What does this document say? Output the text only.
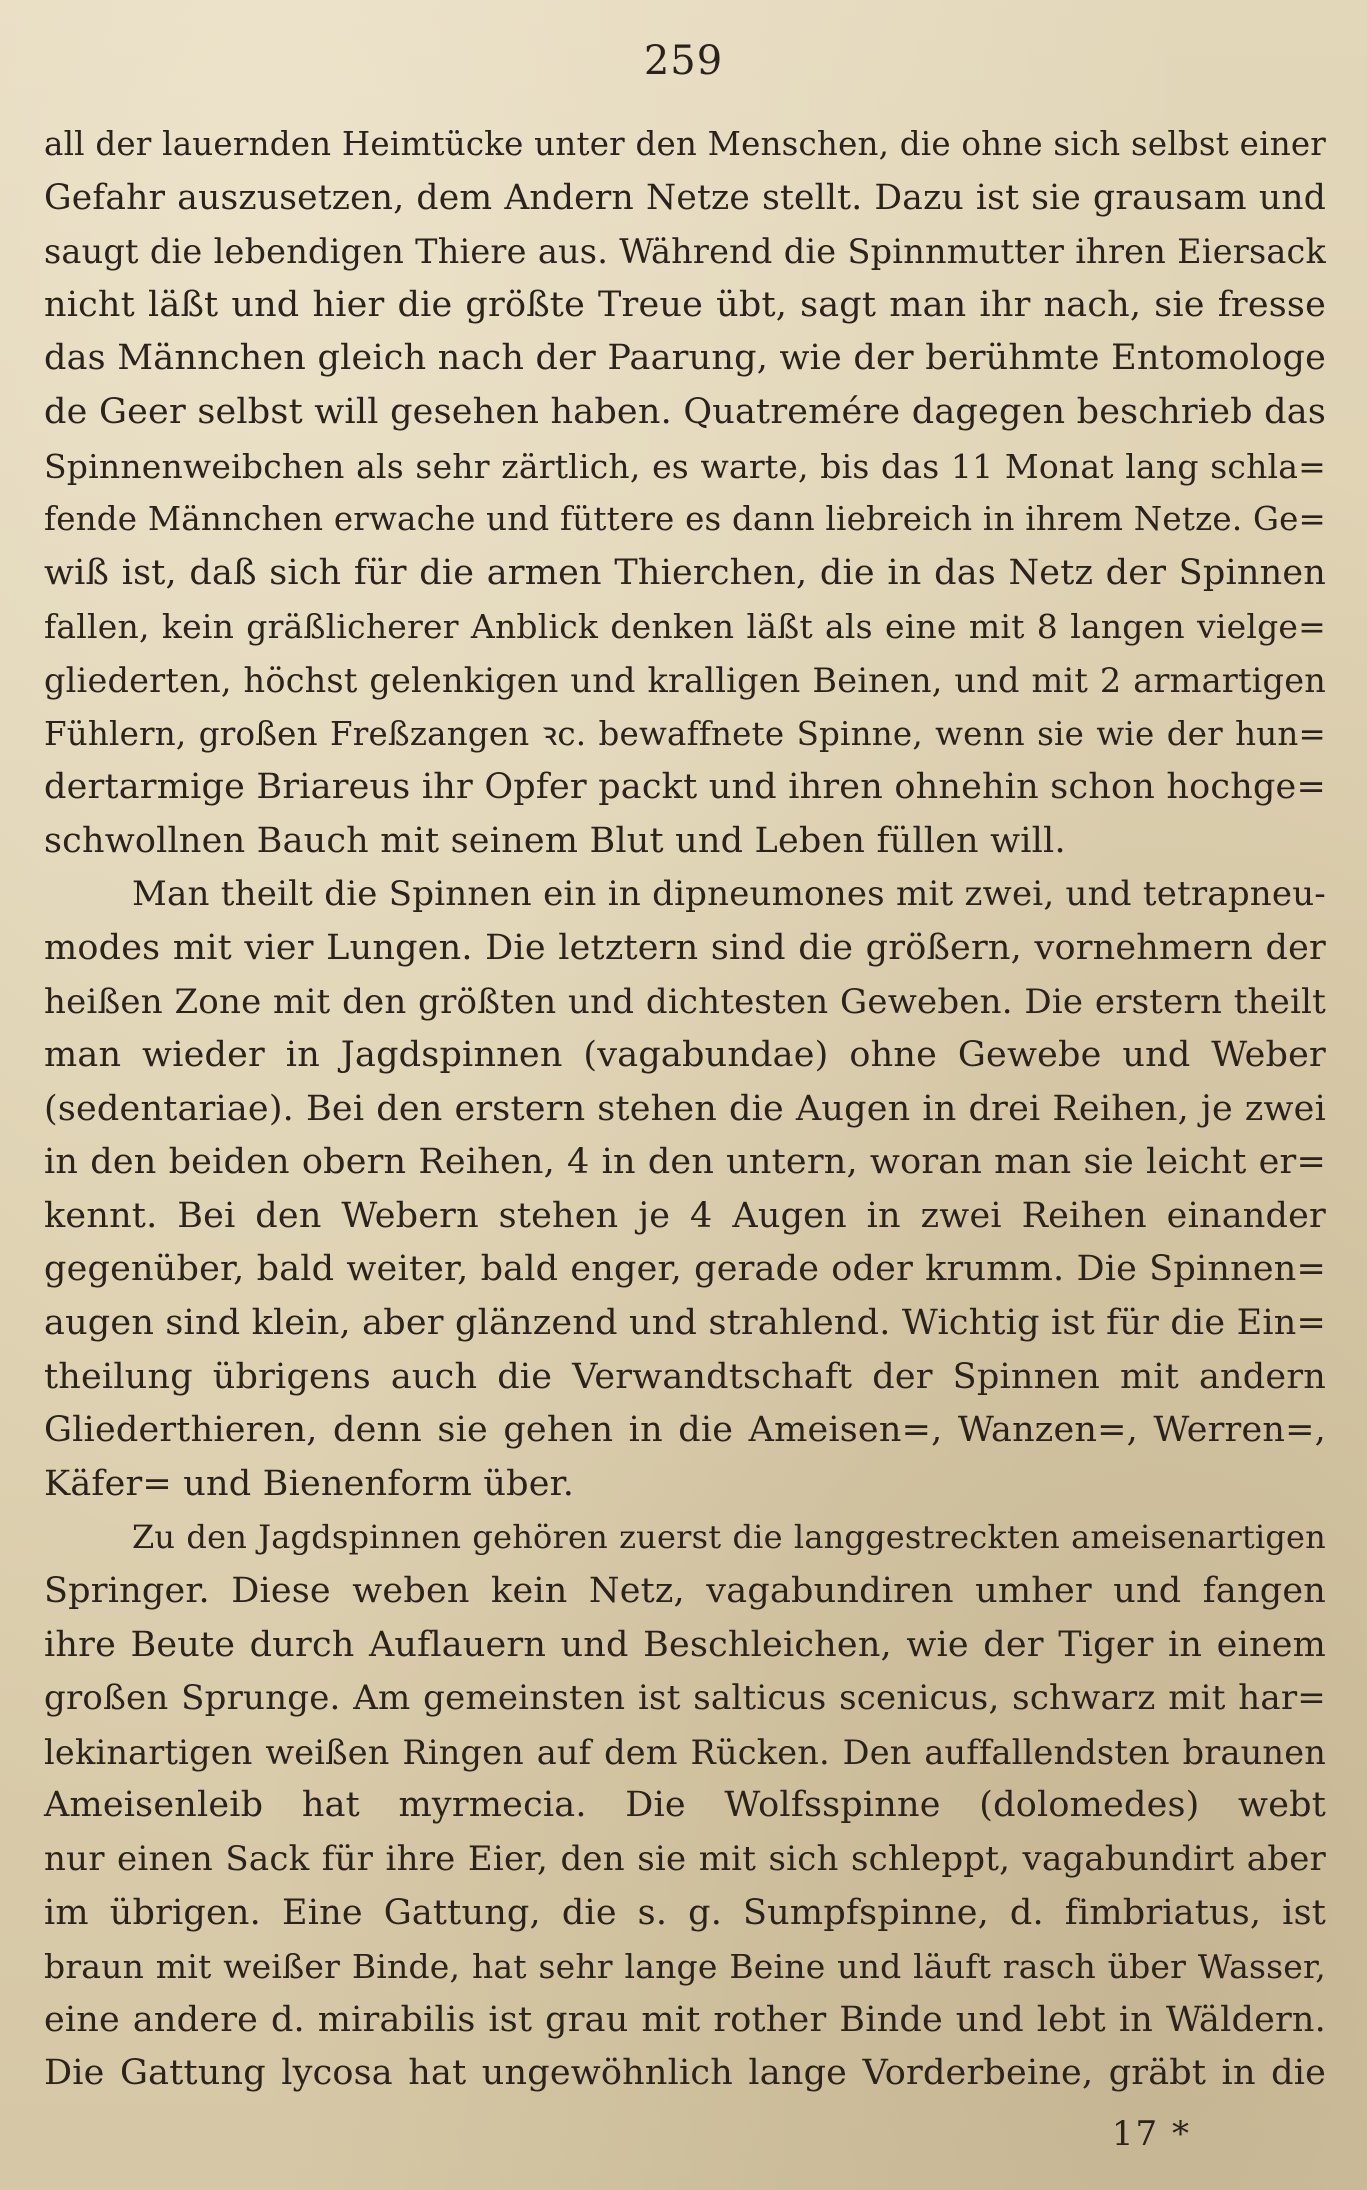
259
all der lauernden Heimtücke unter den Menschen, die ohne sich selbst einer
Gefahr auszusetzen, dem Andern Netze stellt. Dazu ist sie grausam und
saugt die lebendigen Thiere aus. Während die Spinnmutter ihren Eiersack
nicht läßt und hier die größte Treue übt, sagt man ihr nach, sie fresse
das Männchen gleich nach der Paarung, wie der berühmte Entomologe
de Geer selbst will gesehen haben. Quatremére dagegen beschrieb das
Spinnenweibchen als sehr zärtlich, es warte, bis das 11 Monat lang schla=
fende Männchen erwache und füttere es dann liebreich in ihrem Netze. Ge=
wiß ist, daß sich für die armen Thierchen, die in das Netz der Spinnen
fallen, kein gräßlicherer Anblick denken läßt als eine mit 8 langen vielge=
gliederten, höchst gelenkigen und kralligen Beinen, und mit 2 armartigen
Fühlern, großen Freßzangen ꝛc. bewaffnete Spinne, wenn sie wie der hun=
dertarmige Briareus ihr Opfer packt und ihren ohnehin schon hochge=
schwollnen Bauch mit seinem Blut und Leben füllen will.
Man theilt die Spinnen ein in dipneumones mit zwei, und tetrapneu-
modes mit vier Lungen. Die letztern sind die größern, vornehmern der
heißen Zone mit den größten und dichtesten Geweben. Die erstern theilt
man wieder in Jagdspinnen (vagabundae) ohne Gewebe und Weber
(sedentariae). Bei den erstern stehen die Augen in drei Reihen, je zwei
in den beiden obern Reihen, 4 in den untern, woran man sie leicht er=
kennt. Bei den Webern stehen je 4 Augen in zwei Reihen einander
gegenüber, bald weiter, bald enger, gerade oder krumm. Die Spinnen=
augen sind klein, aber glänzend und strahlend. Wichtig ist für die Ein=
theilung übrigens auch die Verwandtschaft der Spinnen mit andern
Gliederthieren, denn sie gehen in die Ameisen=, Wanzen=, Werren=,
Käfer= und Bienenform über.
Zu den Jagdspinnen gehören zuerst die langgestreckten ameisenartigen
Springer. Diese weben kein Netz, vagabundiren umher und fangen
ihre Beute durch Auflauern und Beschleichen, wie der Tiger in einem
großen Sprunge. Am gemeinsten ist salticus scenicus, schwarz mit har=
lekinartigen weißen Ringen auf dem Rücken. Den auffallendsten braunen
Ameisenleib hat myrmecia. Die Wolfsspinne (dolomedes) webt
nur einen Sack für ihre Eier, den sie mit sich schleppt, vagabundirt aber
im übrigen. Eine Gattung, die s. g. Sumpfspinne, d. fimbriatus, ist
braun mit weißer Binde, hat sehr lange Beine und läuft rasch über Wasser,
eine andere d. mirabilis ist grau mit rother Binde und lebt in Wäldern.
Die Gattung lycosa hat ungewöhnlich lange Vorderbeine, gräbt in die
17 *
